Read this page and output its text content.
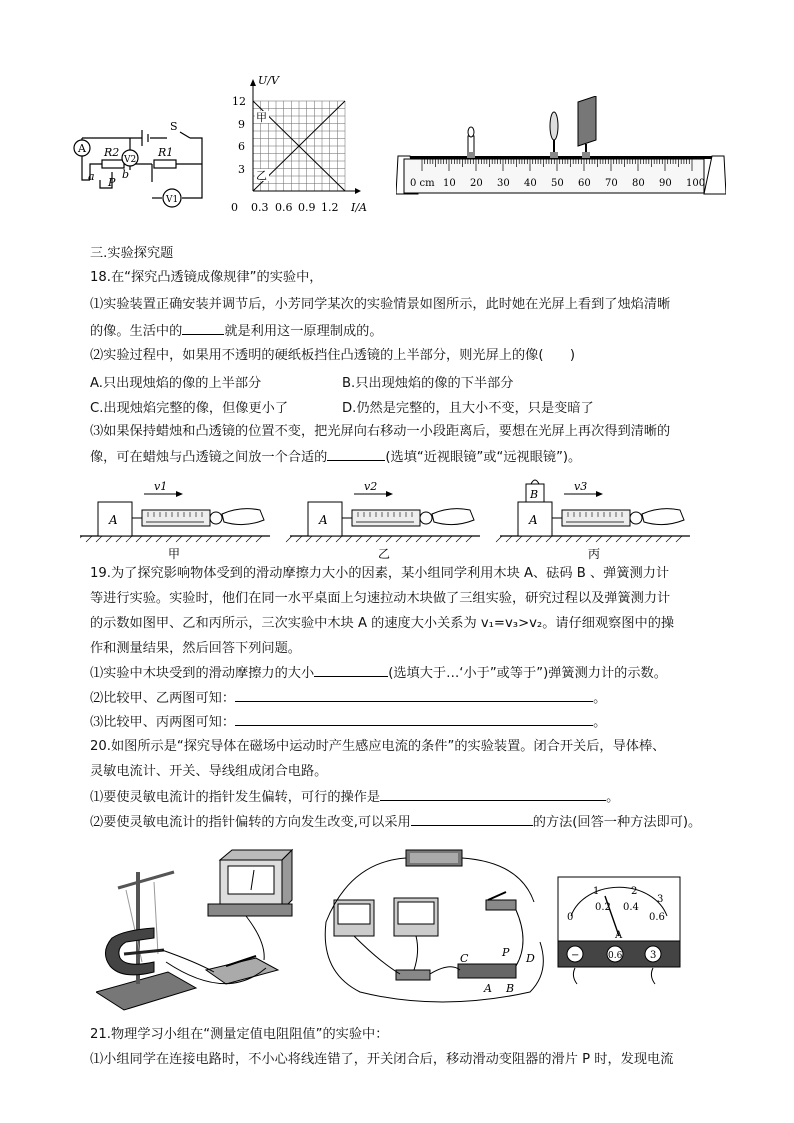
A
V2
V1
S
R2	R1
P
a b
U/V
I/A
12
9
6
3
0 0.3 0.6 0.9 1.2
甲
乙
0 cm 10 20 30 40 50 60 70 80 90 100
三.实验探究题
18.在“探究凸透镜成像规律”的实验中，
⑴实验装置正确安装并调节后，小芳同学某次的实验情景如图所示，此时她在光屏上看到了烛焰清晰
的像。生活中的	就是利用这一原理制成的。
⑵实验过程中，如果用不透明的硬纸板挡住凸透镜的上半部分，则光屏上的像(　　)
A.只出现烛焰的像的上半部分	B.只出现烛焰的像的下半部分
C.出现烛焰完整的像，但像更小了	D.仍然是完整的，且大小不变，只是变暗了
⑶如果保持蜡烛和凸透镜的位置不变，把光屏向右移动一小段距离后，要想在光屏上再次得到清晰的
像，可在蜡烛与凸透镜之间放一个合适的	(选填“近视眼镜”或“远视眼镜”)。
A
v1
甲
A
v2
乙
A
B
v3
丙
19.为了探究影响物体受到的滑动摩擦力大小的因素，某小组同学利用木块 A、砝码 B 、弹簧测力计
等进行实验。实验时，他们在同一水平桌面上匀速拉动木块做了三组实验，研究过程以及弹簧测力计
的示数如图甲、乙和丙所示，三次实验中木块 A 的速度大小关系为 v₁=v₃>v₂。请仔细观察图中的操
作和测量结果，然后回答下列问题。
⑴实验中木块受到的滑动摩擦力的大小	(选填大于…‘小于”或等于”)弹簧测力计的示数。
⑵比较甲、乙两图可知：	。
⑶比较甲、丙两图可知：	。
20.如图所示是“探究导体在磁场中运动时产生感应电流的条件”的实验装置。闭合开关后，导体棒、
灵敏电流计、开关、导线组成闭合电路。
⑴要使灵敏电流计的指针发生偏转，可行的操作是	。
⑵要使灵敏电流计的指针偏转的方向发生改变,可以采用	的方法(回答一种方法即可)。
C	P D
A B
0
0.2 0.4
0.6
1	2
3
A
−	0.6	3
21.物理学习小组在“测量定值电阻阻值”的实验中：
⑴小组同学在连接电路时，不小心将线连错了，开关闭合后，移动滑动变阻器的滑片 P 时，发现电流
